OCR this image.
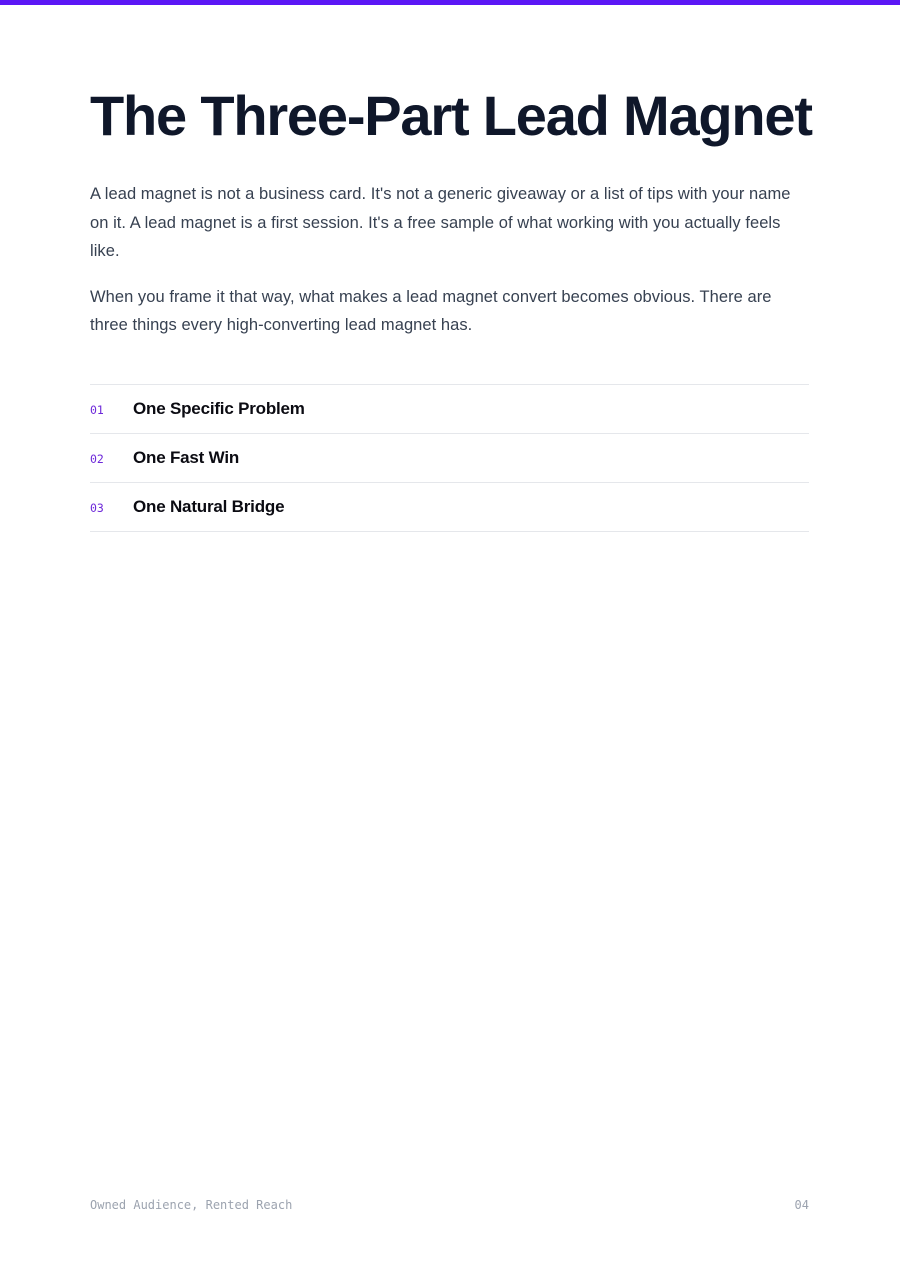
The Three-Part Lead Magnet

A lead magnet is not a business card. It's not a generic giveaway or a list of tips with your name on it. A lead magnet is a first session. It's a free sample of what working with you actually feels like.

When you frame it that way, what makes a lead magnet convert becomes obvious. There are three things every high-converting lead magnet has.

01	One Specific Problem
02	One Fast Win
03	One Natural Bridge
Owned Audience, Rented Reach	04
